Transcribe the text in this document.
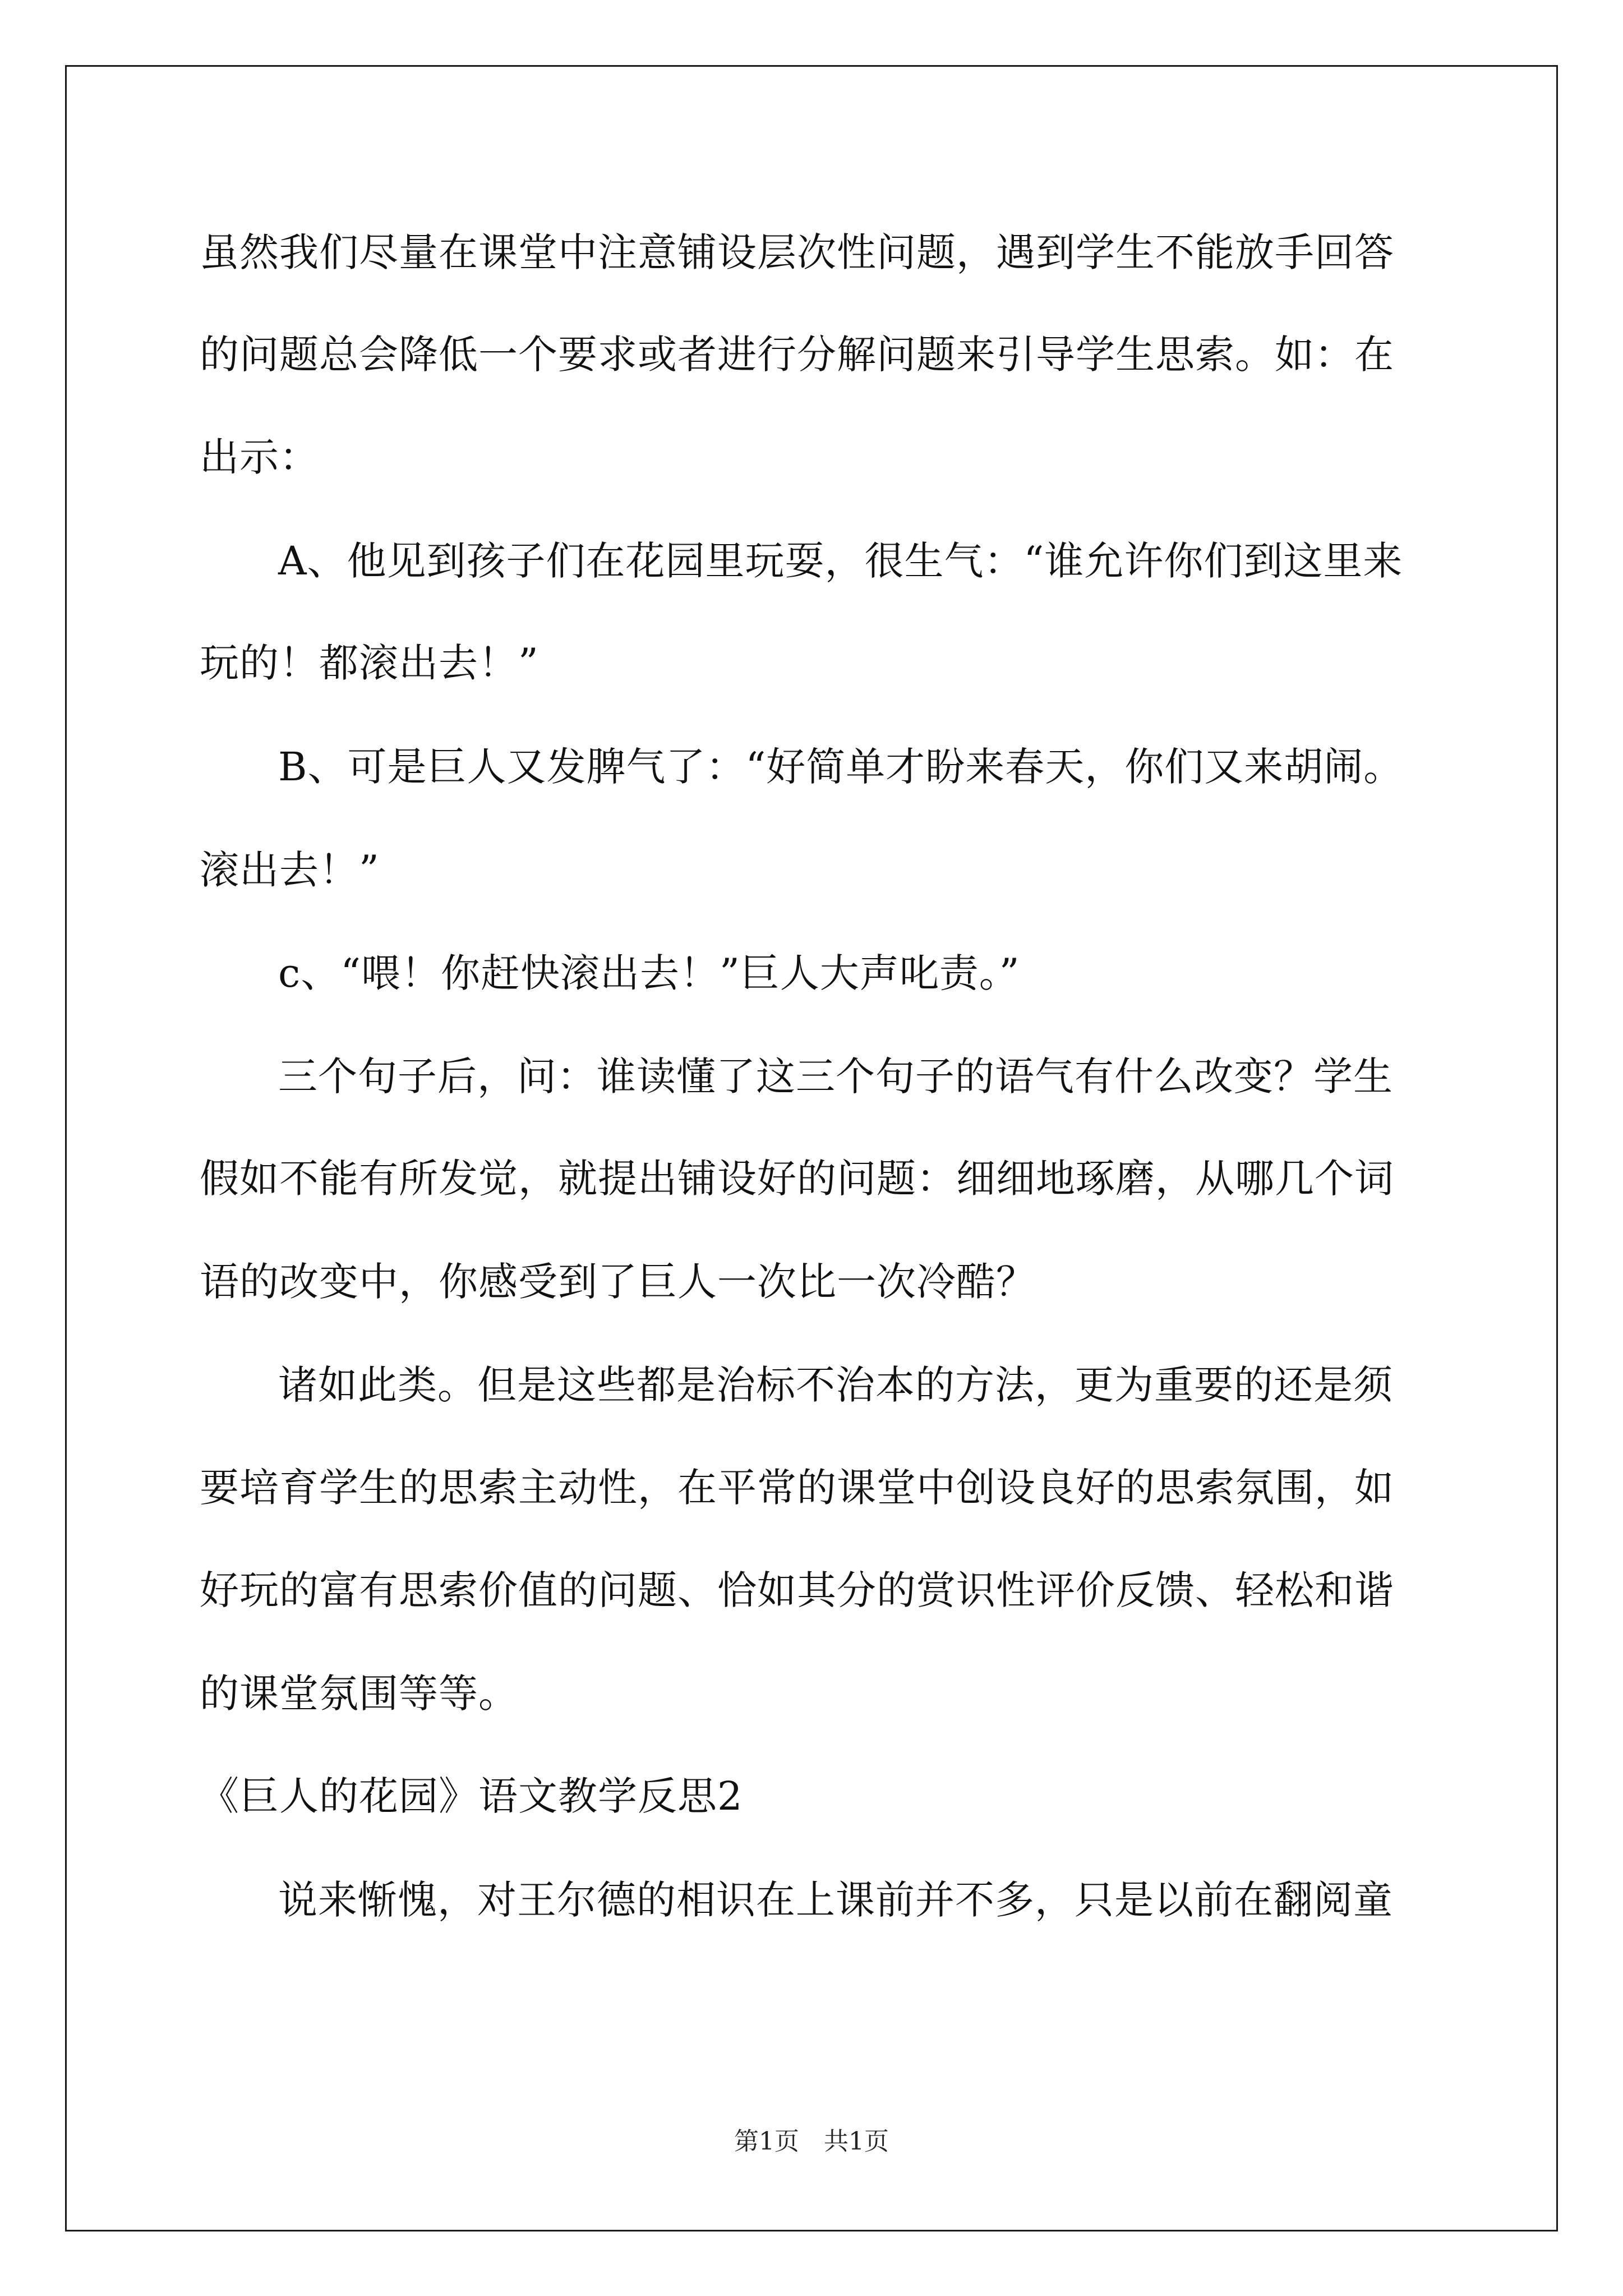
虽然我们尽量在课堂中注意铺设层次性问题，遇到学生不能放手回答
的问题总会降低一个要求或者进行分解问题来引导学生思索。如：在
出示：
A、他见到孩子们在花园里玩耍，很生气：“谁允许你们到这里来
玩的！都滚出去！”
B、可是巨人又发脾气了：“好简单才盼来春天，你们又来胡闹。
滚出去！”
c、“喂！你赶快滚出去！”巨人大声叱责。”
三个句子后，问：谁读懂了这三个句子的语气有什么改变？学生
假如不能有所发觉，就提出铺设好的问题：细细地琢磨，从哪几个词
语的改变中，你感受到了巨人一次比一次冷酷？
诸如此类。但是这些都是治标不治本的方法，更为重要的还是须
要培育学生的思索主动性，在平常的课堂中创设良好的思索氛围，如
好玩的富有思索价值的问题、恰如其分的赏识性评价反馈、轻松和谐
的课堂氛围等等。
《巨人的花园》语文教学反思2
说来惭愧，对王尔德的相识在上课前并不多，只是以前在翻阅童
第1页　共1页
